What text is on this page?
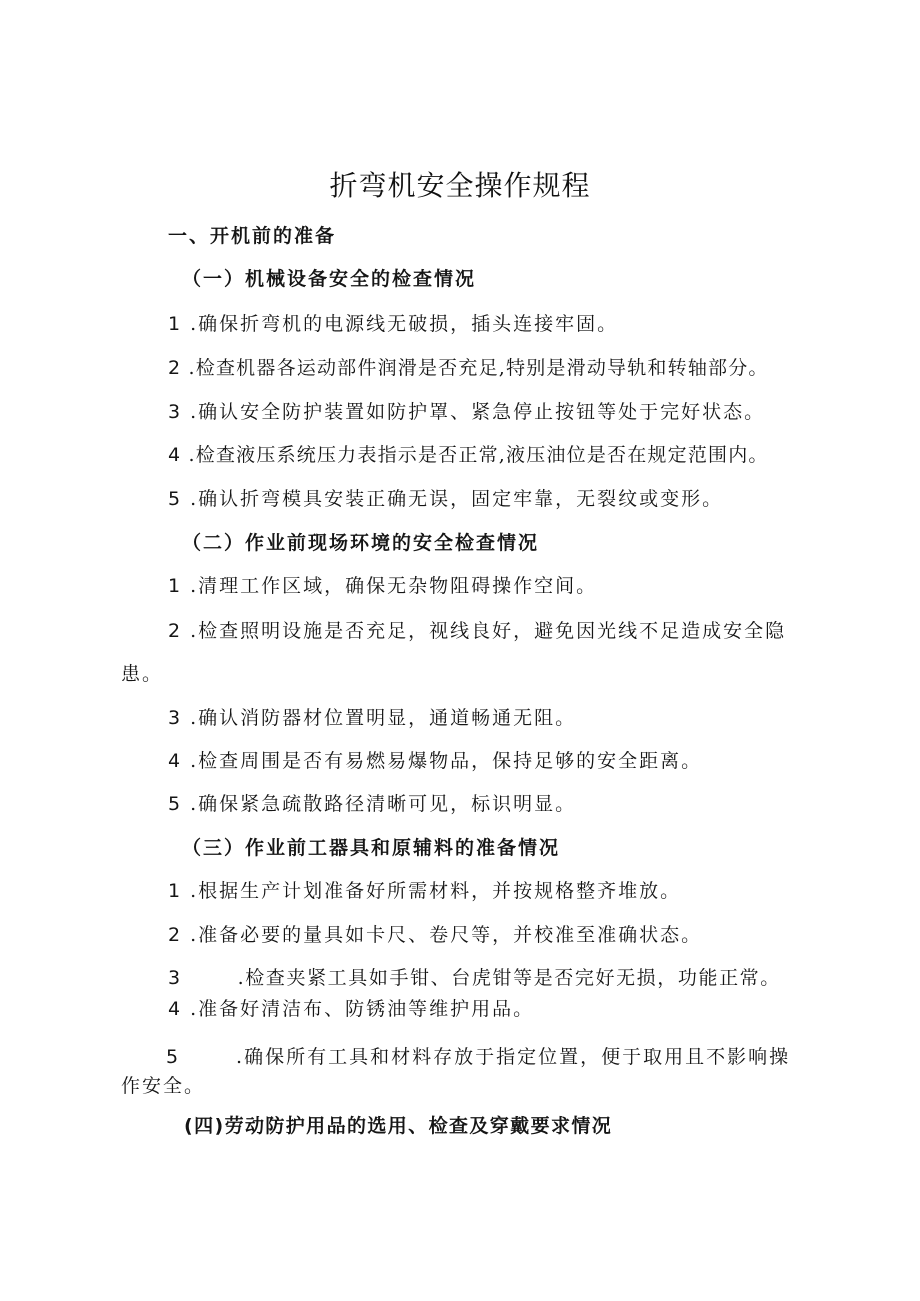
折弯机安全操作规程
一、开机前的准备
（一）机械设备安全的检查情况
1 .确保折弯机的电源线无破损，插头连接牢固。
2 .检查机器各运动部件润滑是否充足,特别是滑动导轨和转轴部分。
3 .确认安全防护装置如防护罩、紧急停止按钮等处于完好状态。
4 .检查液压系统压力表指示是否正常,液压油位是否在规定范围内。
5 .确认折弯模具安装正确无误，固定牢靠，无裂纹或变形。
（二）作业前现场环境的安全检查情况
1 .清理工作区域，确保无杂物阻碍操作空间。
2 .检查照明设施是否充足，视线良好，避免因光线不足造成安全隐
患。
3 .确认消防器材位置明显，通道畅通无阻。
4 .检查周围是否有易燃易爆物品，保持足够的安全距离。
5 .确保紧急疏散路径清晰可见，标识明显。
（三）作业前工器具和原辅料的准备情况
1 .根据生产计划准备好所需材料，并按规格整齐堆放。
2 .准备必要的量具如卡尺、卷尺等，并校准至准确状态。
3	.检查夹紧工具如手钳、台虎钳等是否完好无损，功能正常。
4 .准备好清洁布、防锈油等维护用品。
5	.确保所有工具和材料存放于指定位置，便于取用且不影响操
作安全。
(四)劳动防护用品的选用、检查及穿戴要求情况
